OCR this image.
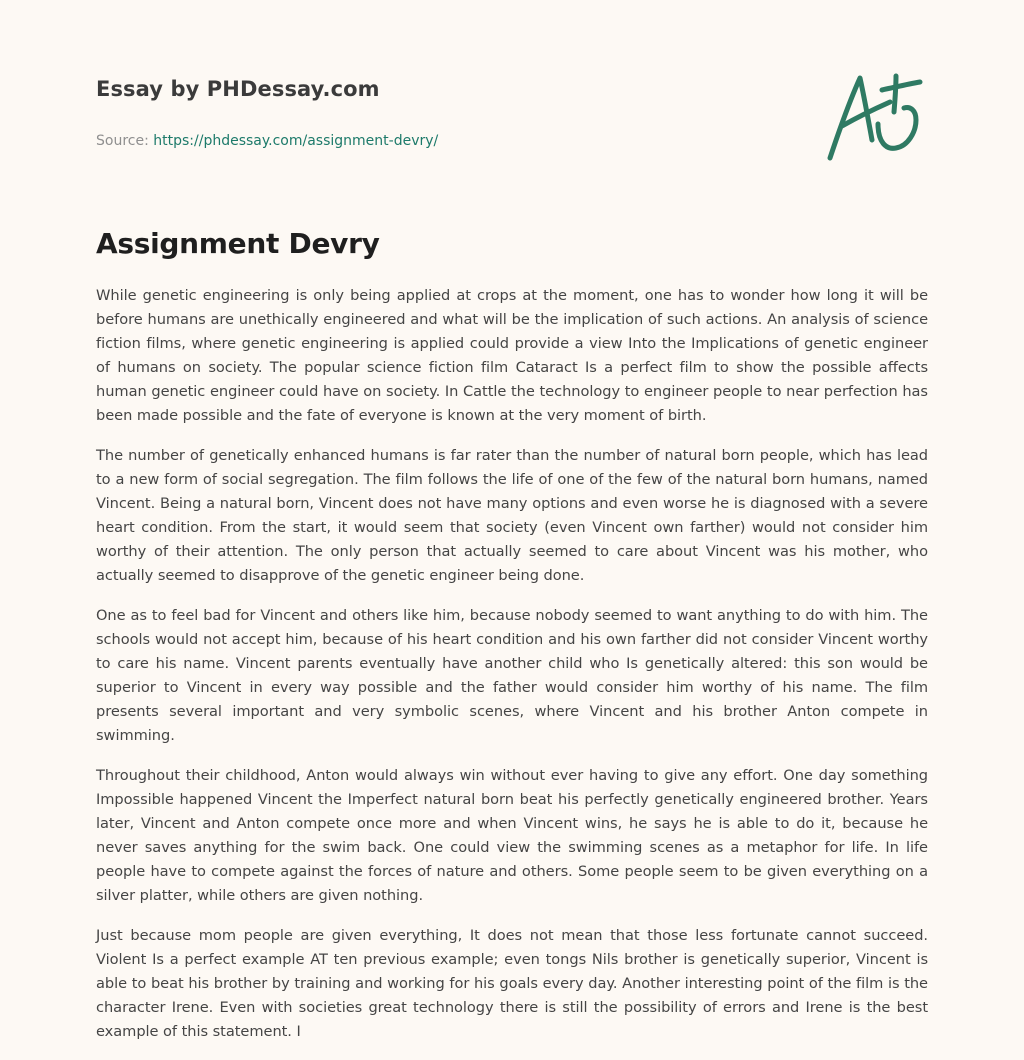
Essay by PHDessay.com
Source: https://phdessay.com/assignment-devry/
Assignment Devry

While genetic engineering is only being applied at crops at the moment, one has to wonder how long it will be before humans are unethically engineered and what will be the implication of such actions. An analysis of science fiction films, where genetic engineering is applied could provide a view Into the Implications of genetic engineer of humans on society. The popular science fiction film Cataract Is a perfect film to show the possible affects human genetic engineer could have on society. In Cattle the technology to engineer people to near perfection has been made possible and the fate of everyone is known at the very moment of birth.

The number of genetically enhanced humans is far rater than the number of natural born people, which has lead to a new form of social segregation. The film follows the life of one of the few of the natural born humans, named Vincent. Being a natural born, Vincent does not have many options and even worse he is diagnosed with a severe heart condition. From the start, it would seem that society (even Vincent own farther) would not consider him worthy of their attention. The only person that actually seemed to care about Vincent was his mother, who actually seemed to disapprove of the genetic engineer being done.

One as to feel bad for Vincent and others like him, because nobody seemed to want anything to do with him. The schools would not accept him, because of his heart condition and his own farther did not consider Vincent worthy to care his name. Vincent parents eventually have another child who Is genetically altered: this son would be superior to Vincent in every way possible and the father would consider him worthy of his name. The film presents several important and very symbolic scenes, where Vincent and his brother Anton compete in swimming.

Throughout their childhood, Anton would always win without ever having to give any effort. One day something Impossible happened Vincent the Imperfect natural born beat his perfectly genetically engineered brother. Years later, Vincent and Anton compete once more and when Vincent wins, he says he is able to do it, because he never saves anything for the swim back. One could view the swimming scenes as a metaphor for life. In life people have to compete against the forces of nature and others. Some people seem to be given everything on a silver platter, while others are given nothing.

Just because mom people are given everything, It does not mean that those less fortunate cannot succeed. Violent Is a perfect example AT ten previous example; even tongs Nils brother is genetically superior, Vincent is able to beat his brother by training and working for his goals every day. Another interesting point of the film is the character Irene. Even with societies great technology there is still the possibility of errors and Irene is the best example of this statement. I
